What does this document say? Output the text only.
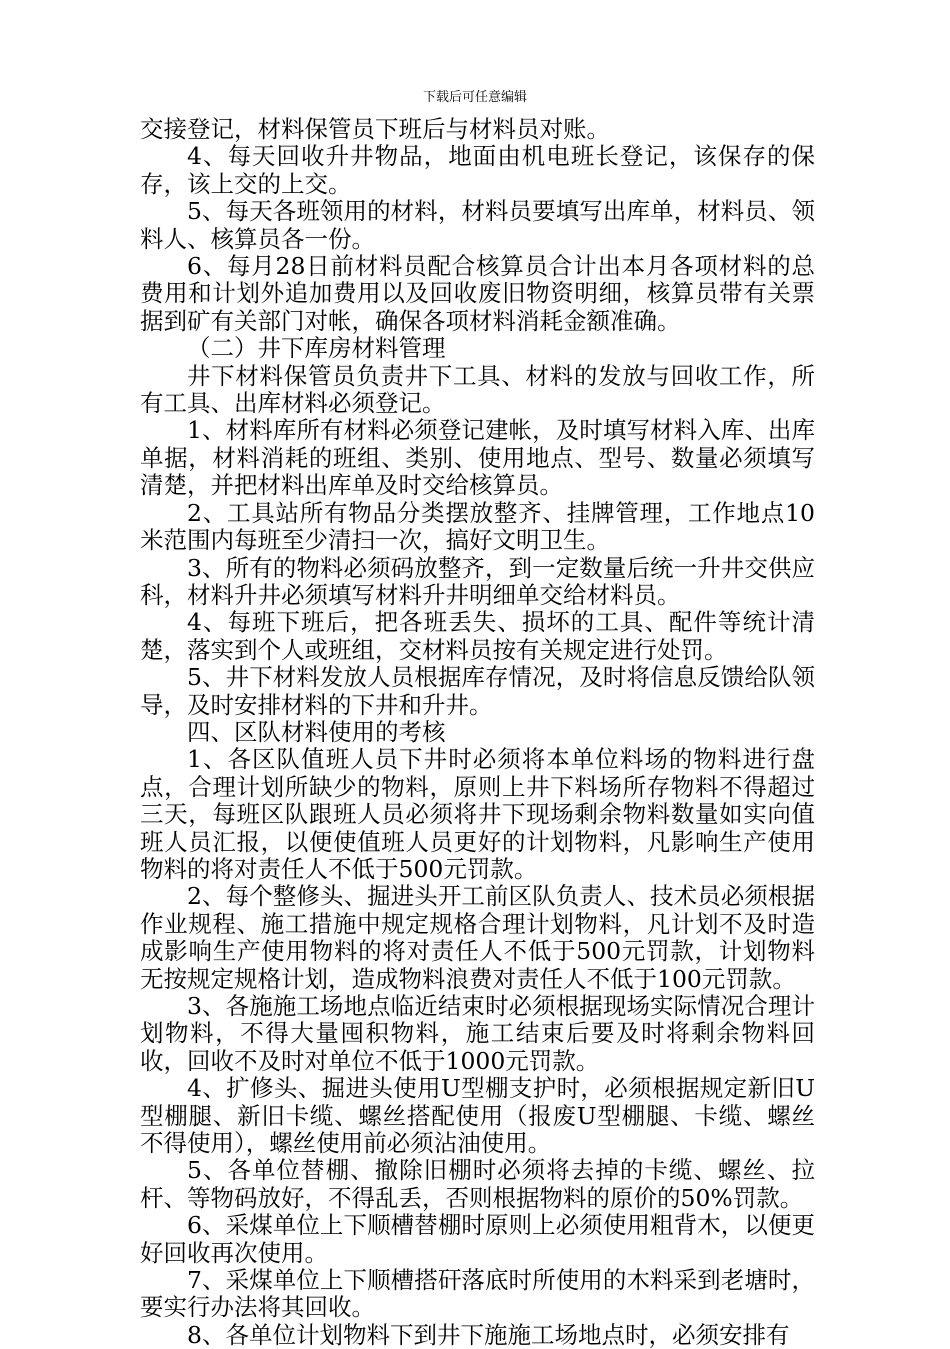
下载后可任意编辑

交接登记，材料保管员下班后与材料员对账。

4、每天回收升井物品，地面由机电班长登记，该保存的保存，该上交的上交。

5、每天各班领用的材料，材料员要填写出库单，材料员、领料人、核算员各一份。

6、每月28日前材料员配合核算员合计出本月各项材料的总费用和计划外追加费用以及回收废旧物资明细，核算员带有关票据到矿有关部门对帐，确保各项材料消耗金额准确。

（二）井下库房材料管理

井下材料保管员负责井下工具、材料的发放与回收工作，所有工具、出库材料必须登记。

1、材料库所有材料必须登记建帐，及时填写材料入库、出库单据，材料消耗的班组、类别、使用地点、型号、数量必须填写清楚，并把材料出库单及时交给核算员。

2、工具站所有物品分类摆放整齐、挂牌管理，工作地点10米范围内每班至少清扫一次，搞好文明卫生。

3、所有的物料必须码放整齐，到一定数量后统一升井交供应科，材料升井必须填写材料升井明细单交给材料员。

4、每班下班后，把各班丢失、损坏的工具、配件等统计清楚，落实到个人或班组，交材料员按有关规定进行处罚。

5、井下材料发放人员根据库存情况，及时将信息反馈给队领导，及时安排材料的下井和升井。

四、区队材料使用的考核

1、各区队值班人员下井时必须将本单位料场的物料进行盘点，合理计划所缺少的物料，原则上井下料场所存物料不得超过三天，每班区队跟班人员必须将井下现场剩余物料数量如实向值班人员汇报，以便使值班人员更好的计划物料，凡影响生产使用物料的将对责任人不低于500元罚款。

2、每个整修头、掘进头开工前区队负责人、技术员必须根据作业规程、施工措施中规定规格合理计划物料，凡计划不及时造成影响生产使用物料的将对责任人不低于500元罚款，计划物料无按规定规格计划，造成物料浪费对责任人不低于100元罚款。

3、各施施工场地点临近结束时必须根据现场实际情况合理计划物料，不得大量囤积物料，施工结束后要及时将剩余物料回收，回收不及时对单位不低于1000元罚款。

4、扩修头、掘进头使用U型棚支护时，必须根据规定新旧U型棚腿、新旧卡缆、螺丝搭配使用（报废U型棚腿、卡缆、螺丝不得使用），螺丝使用前必须沾油使用。

5、各单位替棚、撤除旧棚时必须将去掉的卡缆、螺丝、拉杆、等物码放好，不得乱丢，否则根据物料的原价的50%罚款。

6、采煤单位上下顺槽替棚时原则上必须使用粗背木，以便更好回收再次使用。

7、采煤单位上下顺槽搭矸落底时所使用的木料采到老塘时，要实行办法将其回收。

8、各单位计划物料下到井下施施工场地点时，必须安排有
